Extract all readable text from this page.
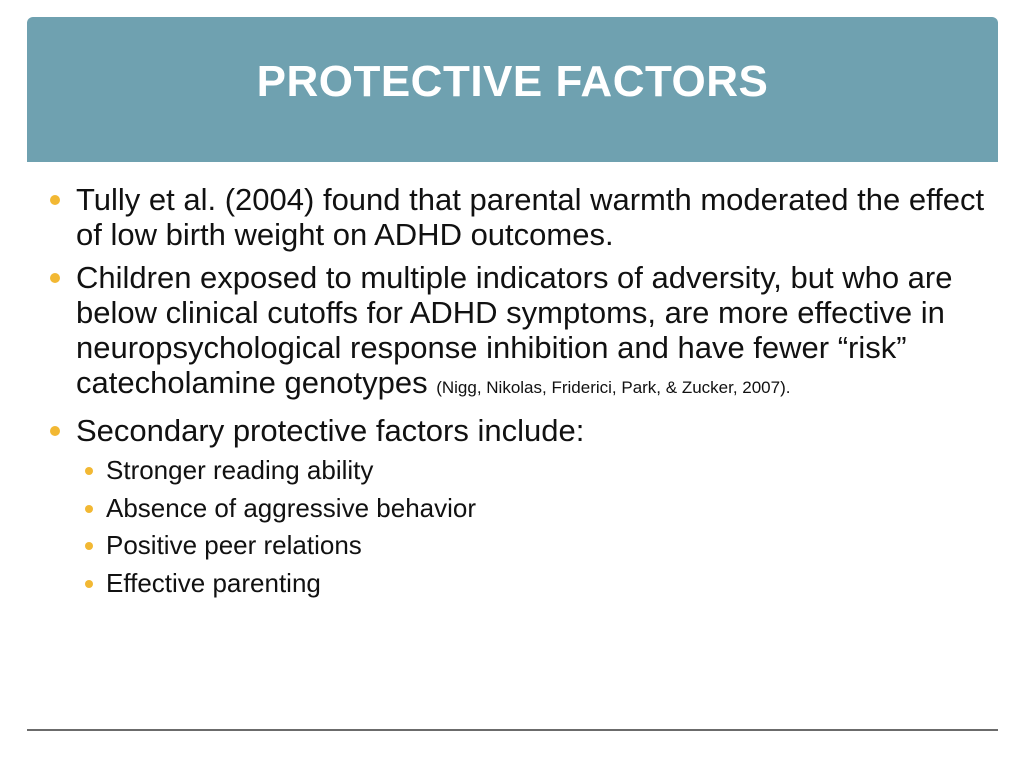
PROTECTIVE FACTORS
Tully et al. (2004) found that parental warmth moderated the effect of low birth weight on ADHD outcomes.
Children exposed to multiple indicators of adversity, but who are below clinical cutoffs for ADHD symptoms, are more effective in neuropsychological response inhibition and have fewer “risk” catecholamine genotypes (Nigg, Nikolas, Friderici, Park, & Zucker, 2007).
Secondary protective factors include:
Stronger reading ability
Absence of aggressive behavior
Positive peer relations
Effective parenting
